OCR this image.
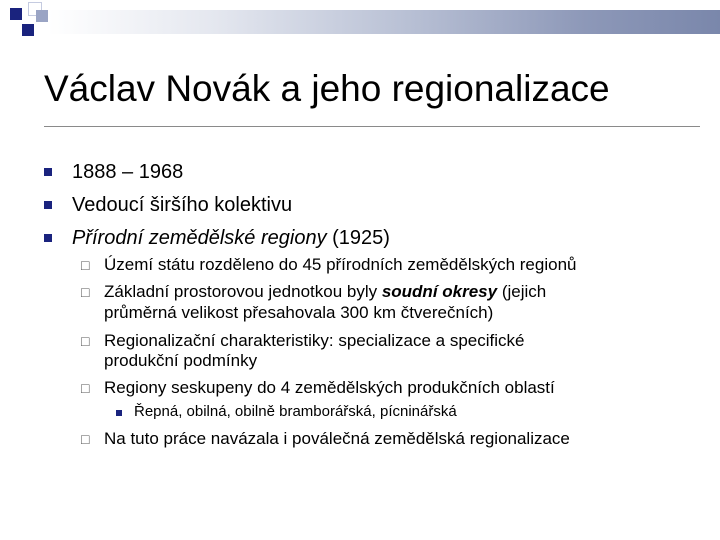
Václav Novák a jeho regionalizace
1888 – 1968
Vedoucí širšího kolektivu
Přírodní zemědělské regiony (1925)
□ Území státu rozděleno do 45 přírodních zemědělských regionů
□ Základní prostorovou jednotkou byly soudní okresy (jejich
průměrná velikost přesahovala 300 km čtverečních)
□ Regionalizační charakteristiky: specializace a specifické
produkční podmínky
□ Regiony seskupeny do 4 zemědělských produkčních oblastí
Řepná, obilná, obilně bramborářská, pícninářská
□ Na tuto práce navázala i poválečná zemědělská regionalizace
